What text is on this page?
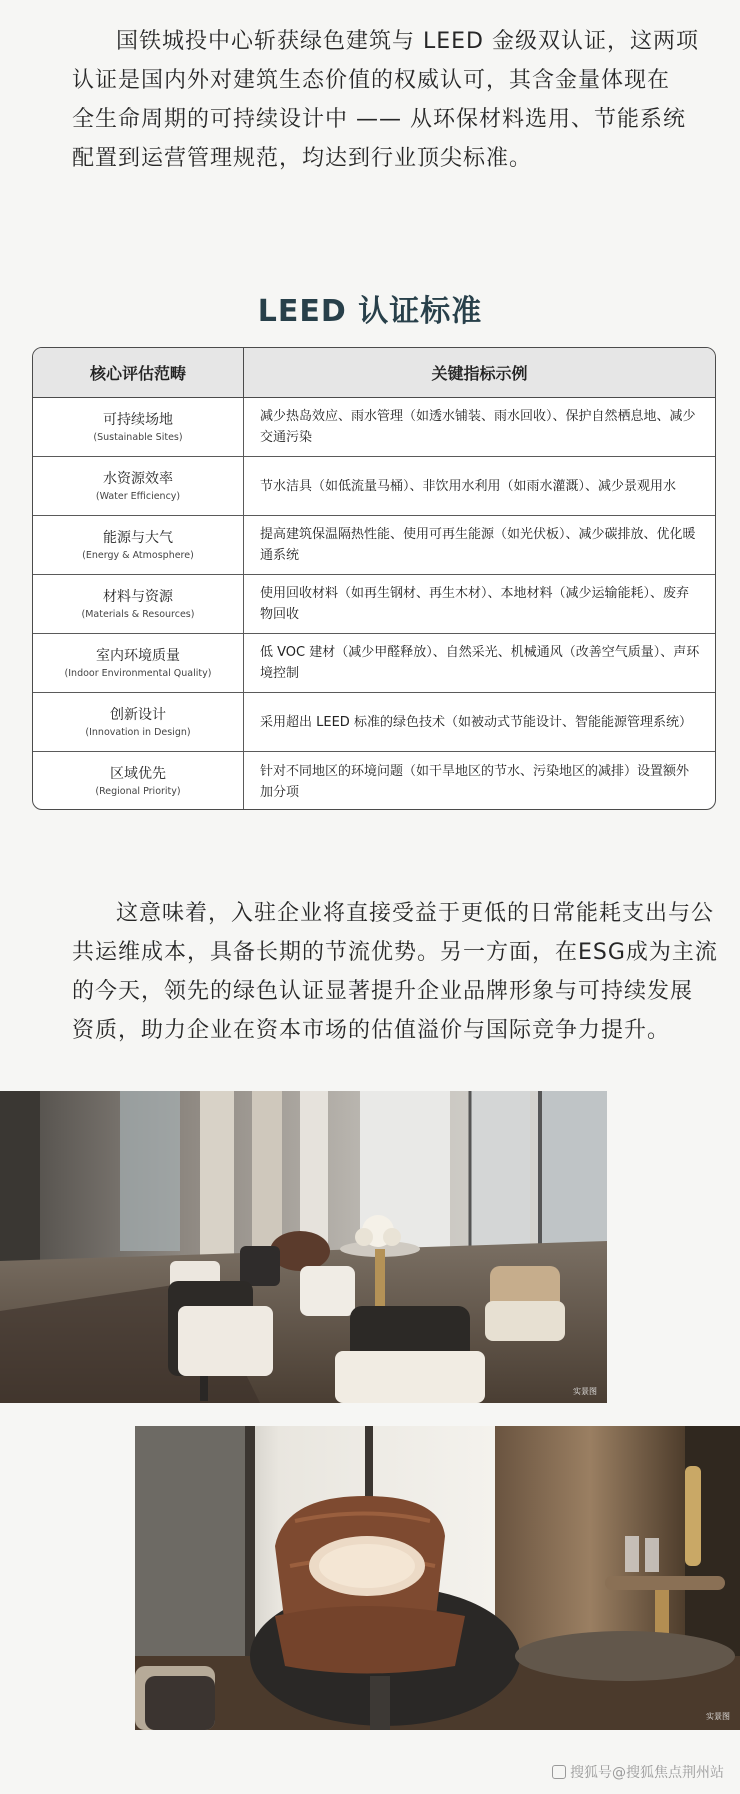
国铁城投中心斩获绿色建筑与 LEED 金级双认证，这两项
认证是国内外对建筑生态价值的权威认可，其含金量体现在
全生命周期的可持续设计中 —— 从环保材料选用、节能系统
配置到运营管理规范，均达到行业顶尖标准。
LEED 认证标准
核心评估范畴	关键指标示例
可持续场地
(Sustainable Sites)
减少热岛效应、雨水管理（如透水铺装、雨水回收）、保护自然栖息地、减少交通污染
水资源效率
(Water Efficiency)
节水洁具（如低流量马桶）、非饮用水利用（如雨水灌溉）、减少景观用水
能源与大气
(Energy & Atmosphere)
提高建筑保温隔热性能、使用可再生能源（如光伏板）、减少碳排放、优化暖通系统
材料与资源
(Materials & Resources)
使用回收材料（如再生钢材、再生木材）、本地材料（减少运输能耗）、废弃物回收
室内环境质量
(Indoor Environmental Quality)
低 VOC 建材（减少甲醛释放）、自然采光、机械通风（改善空气质量）、声环境控制
创新设计
(Innovation in Design)
采用超出 LEED 标准的绿色技术（如被动式节能设计、智能能源管理系统）
区域优先
(Regional Priority)
针对不同地区的环境问题（如干旱地区的节水、污染地区的减排）设置额外加分项
这意味着，入驻企业将直接受益于更低的日常能耗支出与公
共运维成本，具备长期的节流优势。另一方面，在ESG成为主流
的今天，领先的绿色认证显著提升企业品牌形象与可持续发展
资质，助力企业在资本市场的估值溢价与国际竞争力提升。
实景图
实景图
搜狐号@搜狐焦点荆州站
